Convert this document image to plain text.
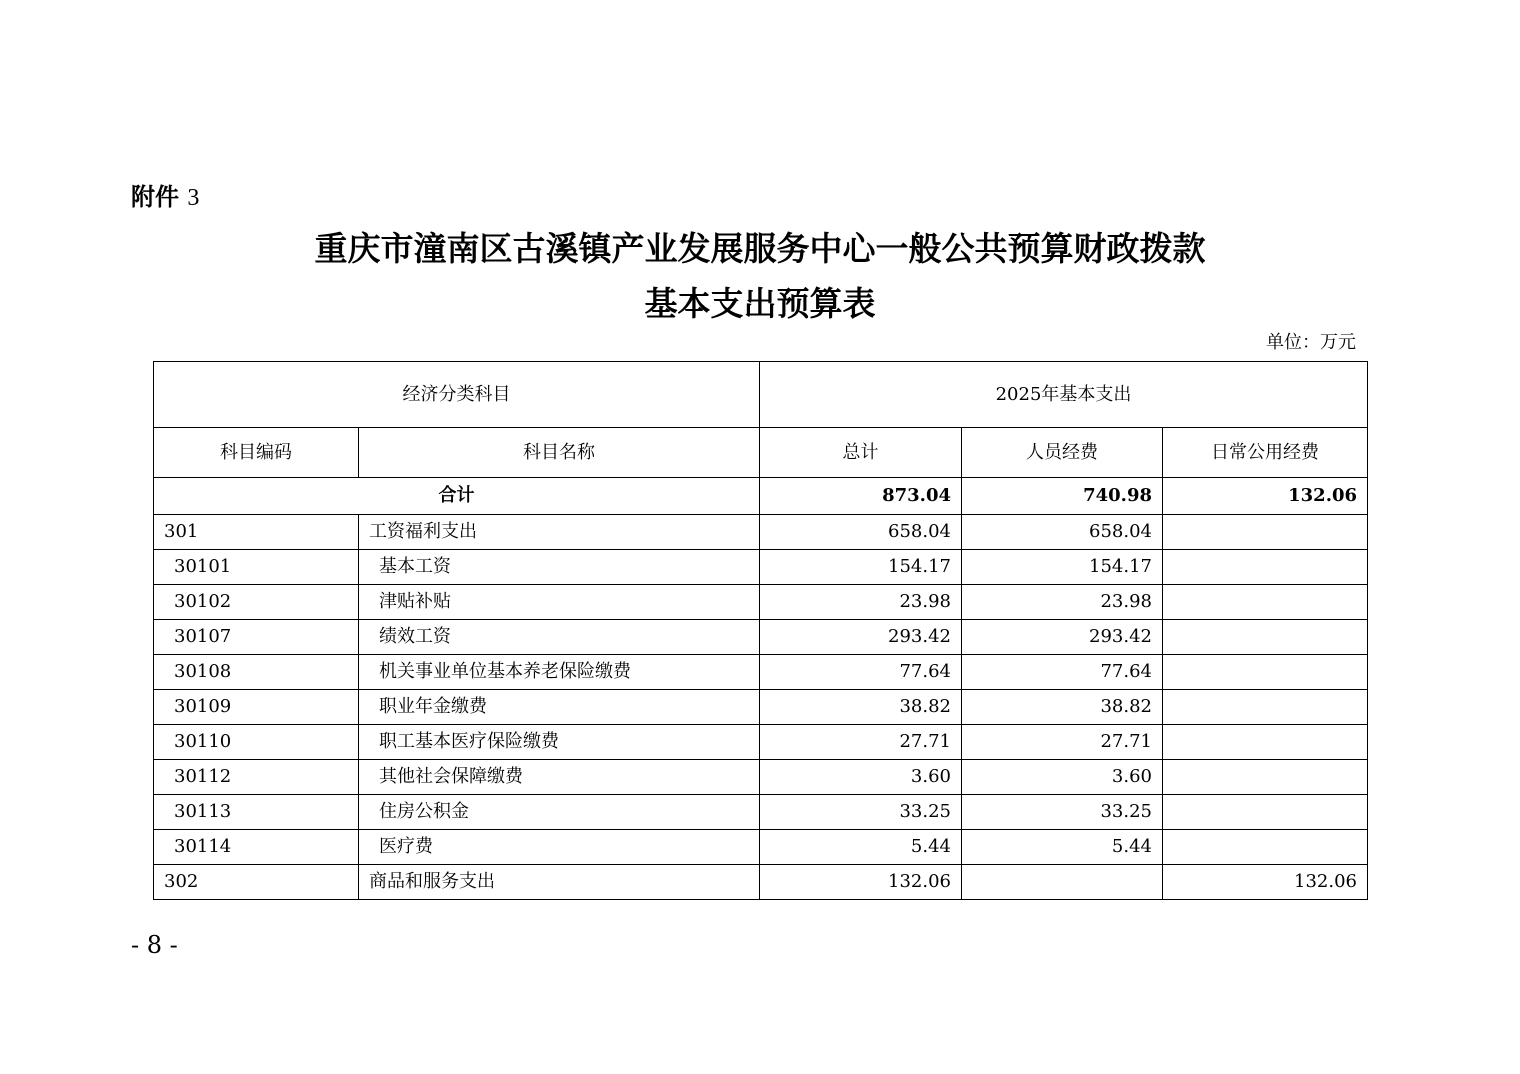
附件 3
重庆市潼南区古溪镇产业发展服务中心一般公共预算财政拨款
基本支出预算表
单位：万元
经济分类科目		2025年基本支出		
科目编码	科目名称	总计	人员经费	日常公用经费
合计		873.04	740.98	132.06
301	工资福利支出	658.04	658.04	
30101	基本工资	154.17	154.17	
30102	津贴补贴	23.98	23.98	
30107	绩效工资	293.42	293.42	
30108	机关事业单位基本养老保险缴费	77.64	77.64	
30109	职业年金缴费	38.82	38.82	
30110	职工基本医疗保险缴费	27.71	27.71	
30112	其他社会保障缴费	3.60	3.60	
30113	住房公积金	33.25	33.25	
30114	医疗费	5.44	5.44	
302	商品和服务支出	132.06		132.06
- 8 -
